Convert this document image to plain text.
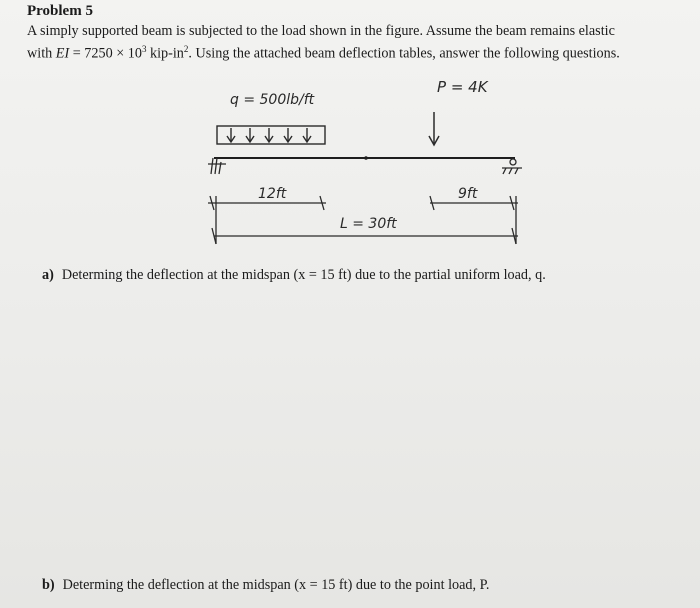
Problem 5
A simply supported beam is subjected to the load shown in the figure. Assume the beam remains elastic
with EI = $7250 \times 10^3$ kip-$in^2$. Using the attached beam deflection tables, answer the following questions.
q = 500lb/ft
P = 4K
12ft	9ft
L = 30ft
a) Determing the deflection at the midspan (x = 15 ft) due to the partial uniform load, q.
b) Determing the deflection at the midspan (x = 15 ft) due to the point load, P.
